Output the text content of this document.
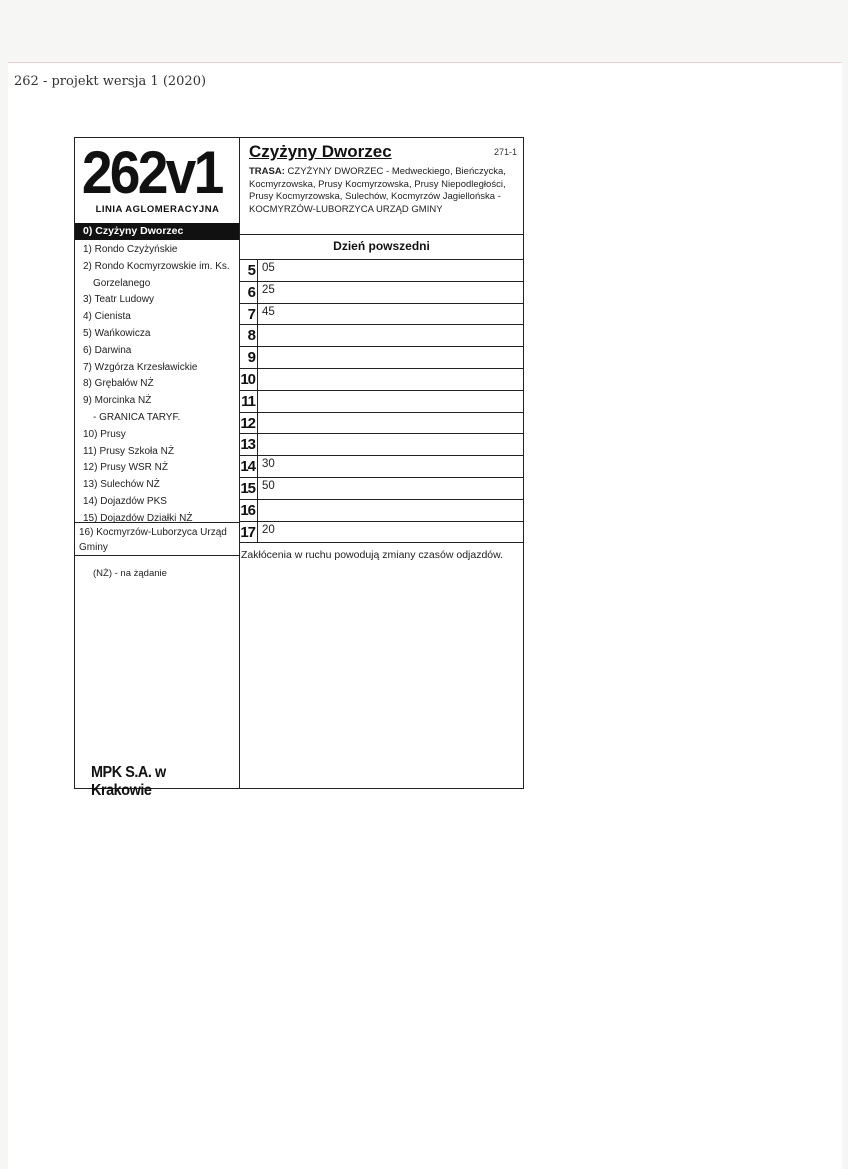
262 - projekt wersja 1 (2020)
262v1
LINIA AGLOMERACYJNA
0) Czyżyny Dworzec
1) Rondo Czyżyńskie
2) Rondo Kocmyrzowskie im. Ks.
Gorzelanego
3) Teatr Ludowy
4) Cienista
5) Wańkowicza
6) Darwina
7) Wzgórza Krzesławickie
8) Grębałów NŻ
9) Morcinka NŻ
- GRANICA TARYF.
10) Prusy
11) Prusy Szkoła NŻ
12) Prusy WSR NŻ
13) Sulechów NŻ
14) Dojazdów PKS
15) Dojazdów Działki NŻ
16) Kocmyrzów-Luborzyca Urząd Gminy
(NŻ) - na żądanie
MPK S.A. w Krakowie
Czyżyny Dworzec	271-1
TRASA: CZYŻYNY DWORZEC - Medweckiego, Bieńczycka, Kocmyrzowska, Prusy Kocmyrzowska, Prusy Niepodległości, Prusy Kocmyrzowska, Sulechów, Kocmyrzów Jagiellońska - KOCMYRZÓW-LUBORZYCA URZĄD GMINY
Dzień powszedni
5 05
6 25
7 45
8
9
10
11
12
13
14 30
15 50
16
17 20
Zakłócenia w ruchu powodują zmiany czasów odjazdów.
